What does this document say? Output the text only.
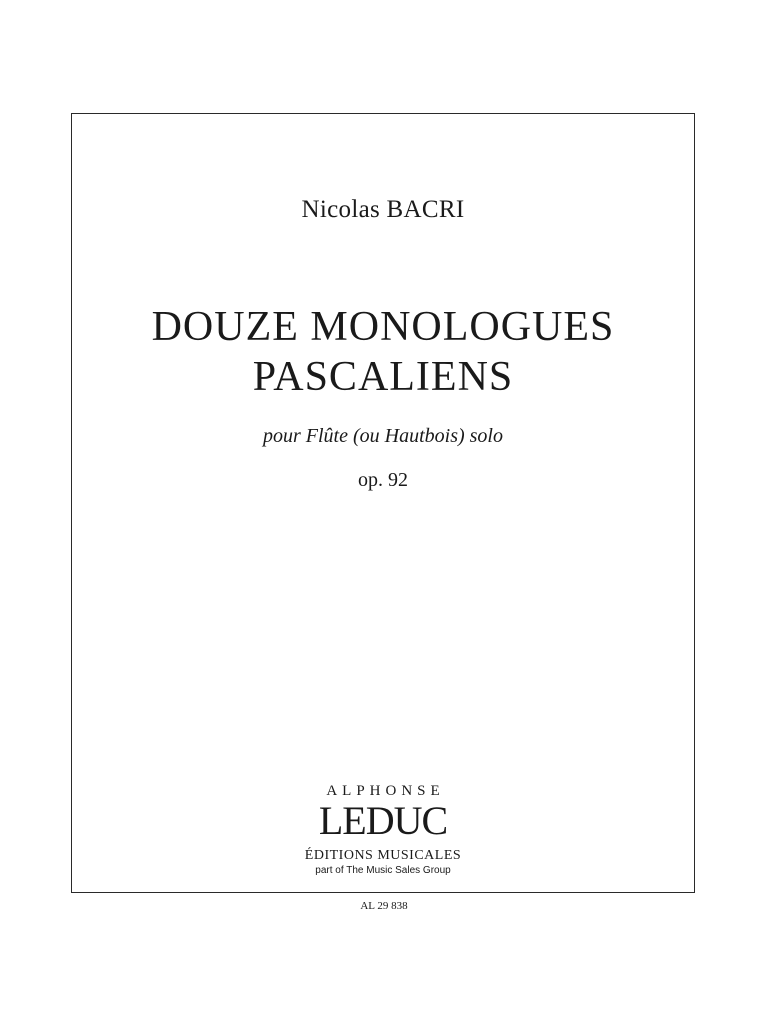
Nicolas BACRI
DOUZE MONOLOGUES
PASCALIENS
pour Flûte (ou Hautbois) solo
op. 92
ALPHONSE
LEDUC
ÉDITIONS MUSICALES
part of The Music Sales Group
AL 29 838
